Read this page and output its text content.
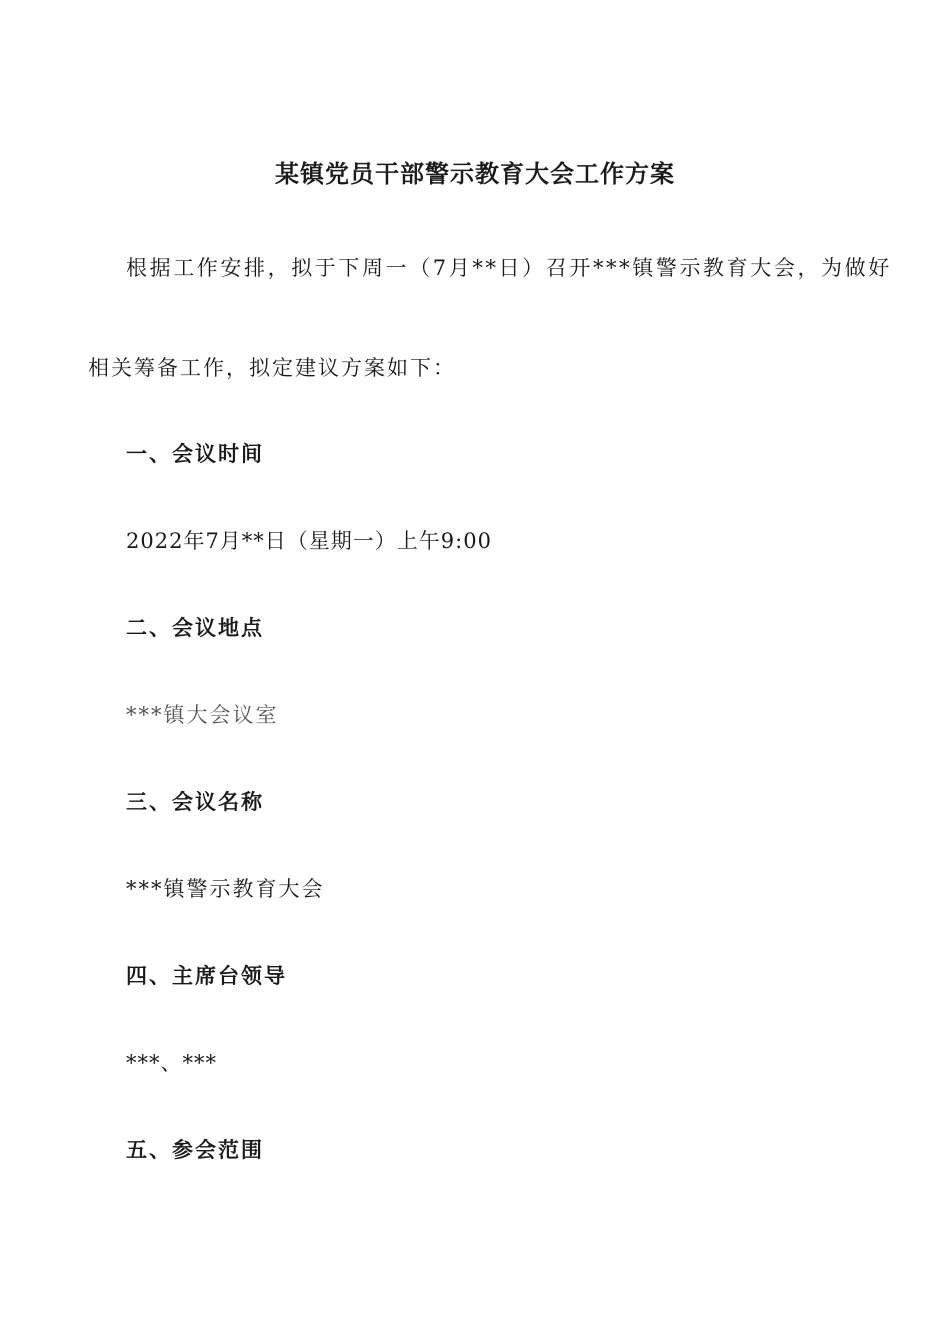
某镇党员干部警示教育大会工作方案
根据工作安排，拟于下周一（7月**日）召开***镇警示教育大会，为做好
相关筹备工作，拟定建议方案如下：
一、会议时间
2022年7月**日（星期一）上午9:00
二、会议地点
***镇大会议室
三、会议名称
***镇警示教育大会
四、主席台领导
***、***
五、参会范围
